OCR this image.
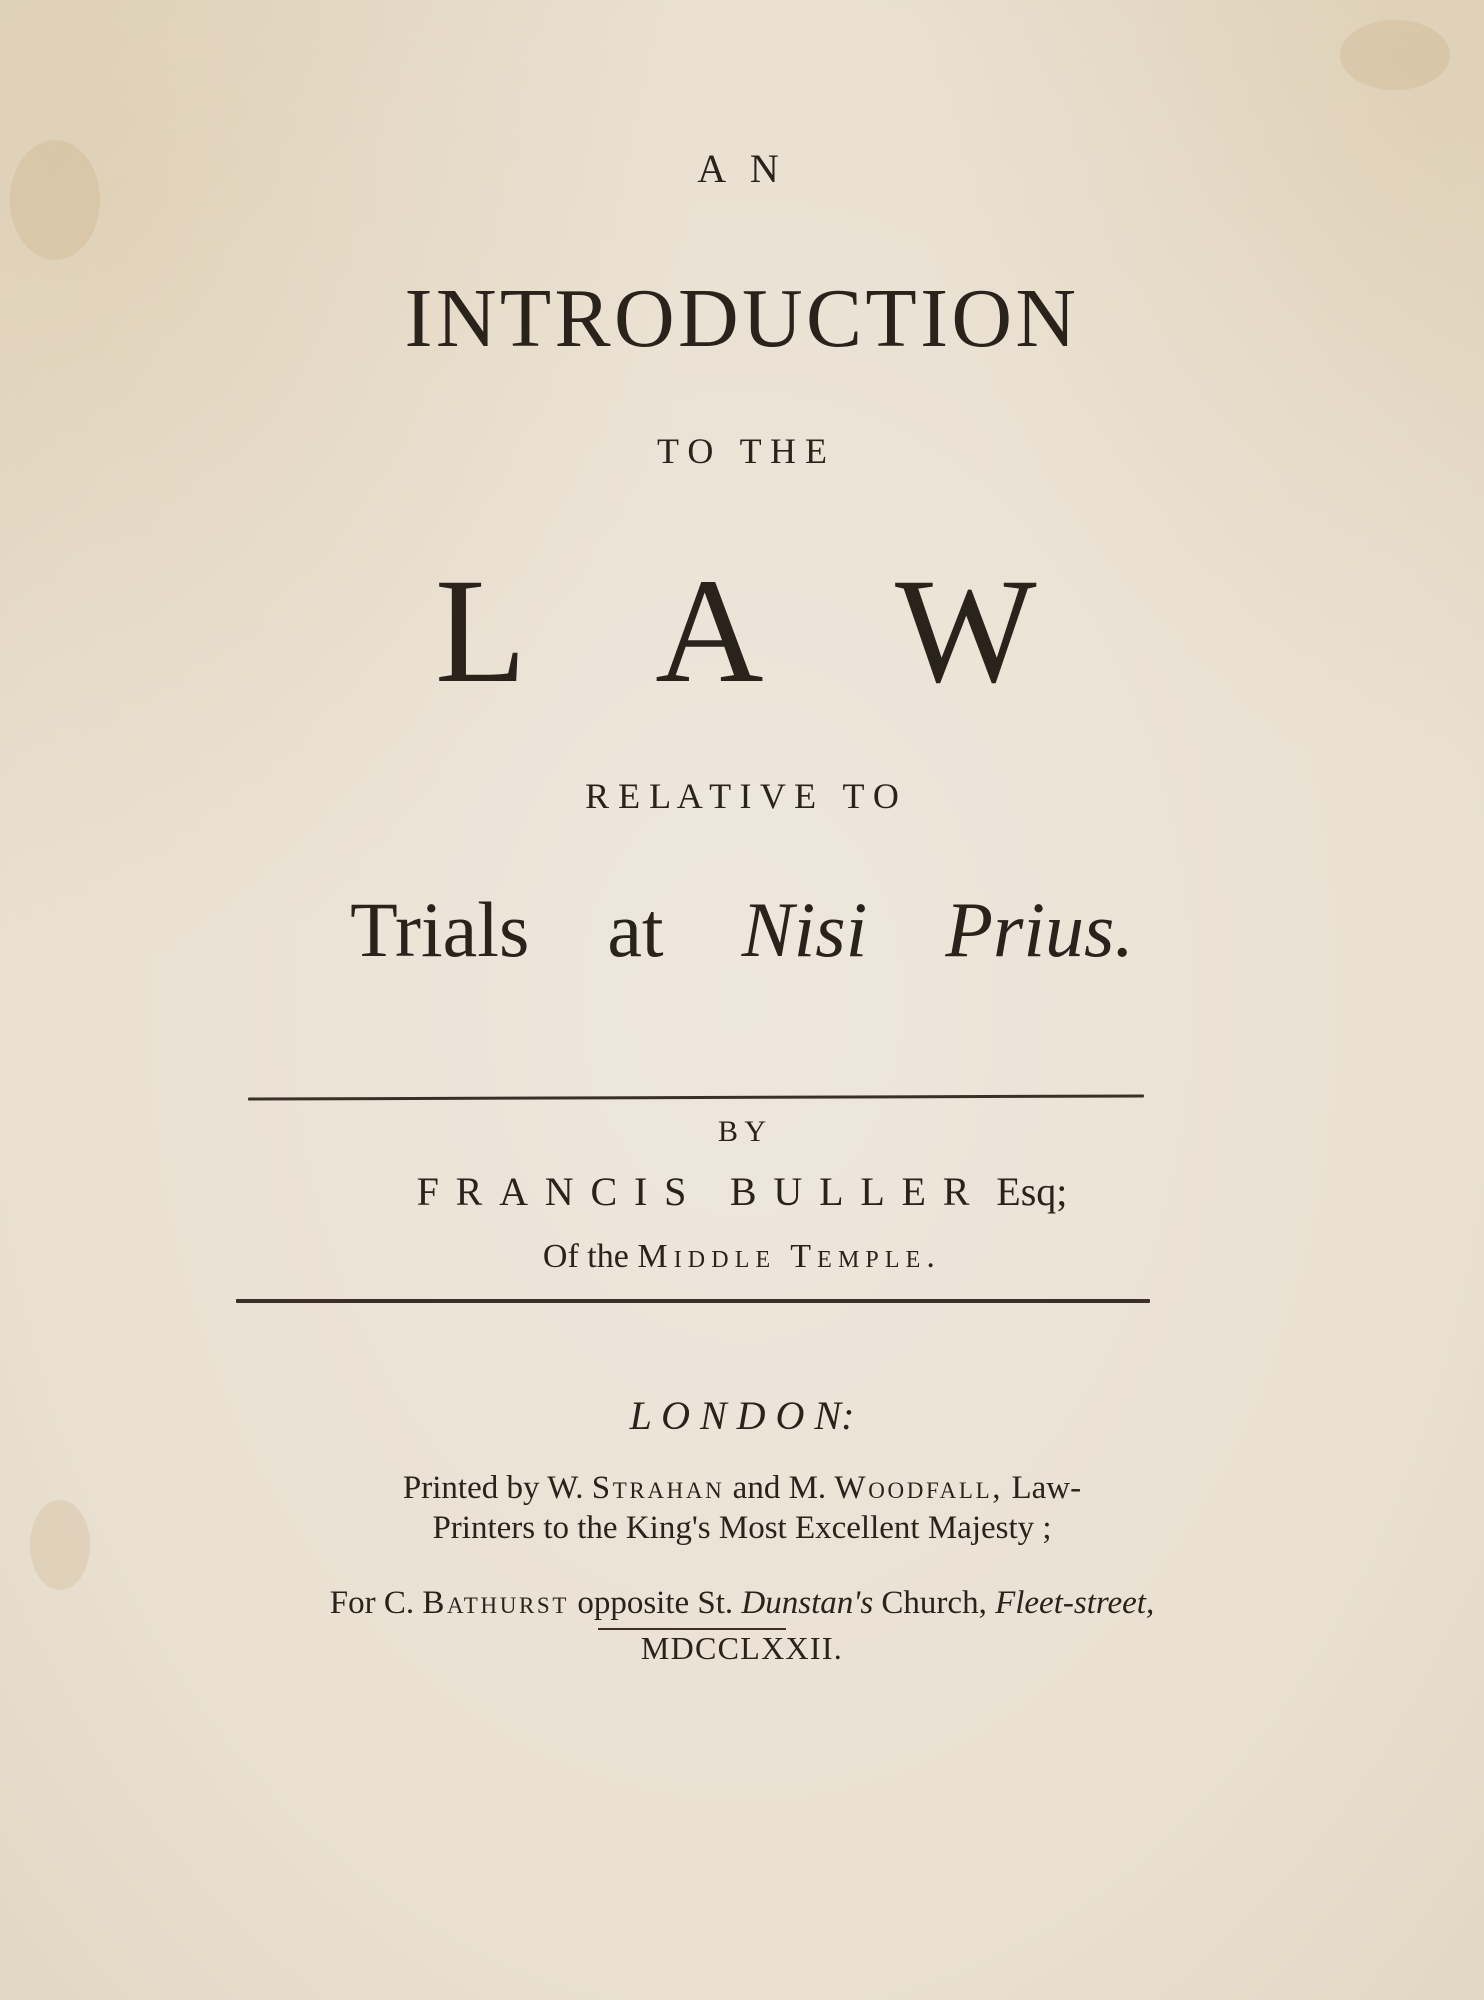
A N
INTRODUCTION
T O   T H E
L A W
R E L A T I V E   T O
Trials at Nisi Prius.
B Y
FRANCIS BULLER Esq;
Of the Middle Temple.
L O N D O N:
Printed by W. Strahan and M. Woodfall, Law-
Printers to the King's Most Excellent Majesty ;
For C. Bathurst opposite St. Dunstan's Church, Fleet-street,
MDCCLXXII.
